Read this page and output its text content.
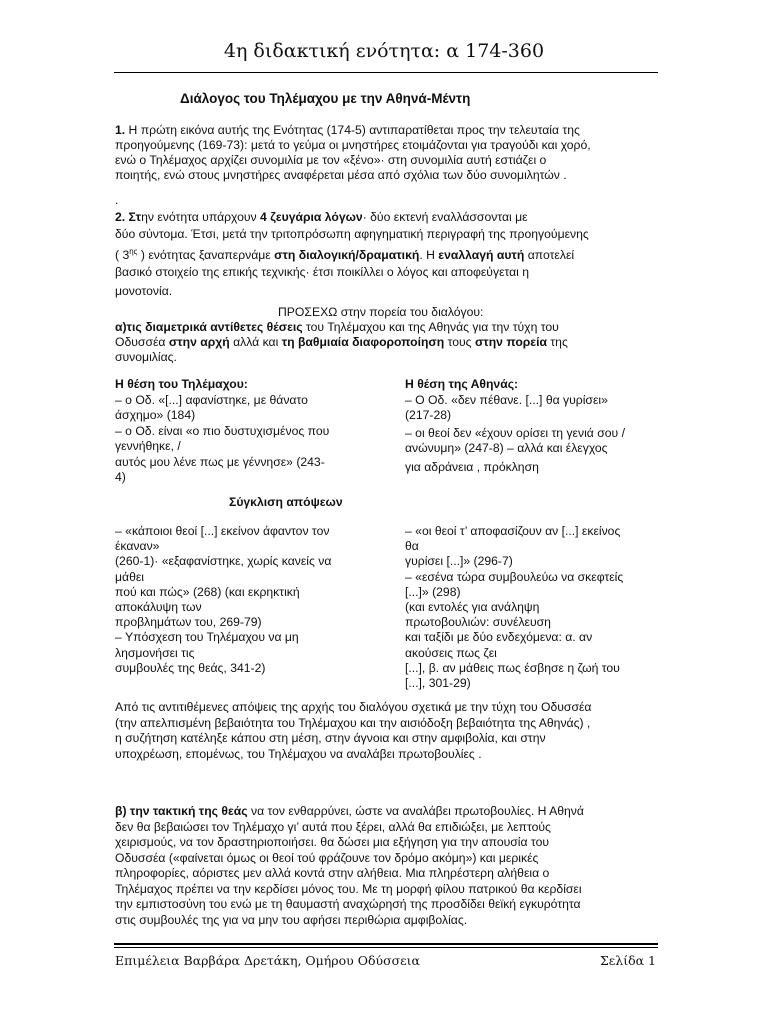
4η διδακτική ενότητα: α 174-360
Διάλογος του Τηλέμαχου με την Αθηνά-Μέντη
1. Η πρώτη εικόνα αυτής της Ενότητας (174-5) αντιπαρατίθεται προς την τελευταία της
προηγούμενης (169-73): μετά το γεύμα οι μνηστήρες ετοιμάζονται για τραγούδι και χορό,
ενώ ο Τηλέμαχος αρχίζει συνομιλία με τον «ξένο»· στη συνομιλία αυτή εστιάζει ο
ποιητής, ενώ στους μνηστήρες αναφέρεται μέσα από σχόλια των δύο συνομιλητών .
.
2. Στην ενότητα υπάρχουν 4 ζευγάρια λόγων· δύο εκτενή εναλλάσσονται με
δύο σύντομα. Έτσι, μετά την τριτοπρόσωπη αφηγηματική περιγραφή της προηγούμενης
( $3^{\eta\varsigma}$ ) ενότητας ξαναπερνάμε στη διαλογική/δραματική. Η εναλλαγή αυτή αποτελεί
βασικό στοιχείο της επικής τεχνικής· έτσι ποικίλλει ο λόγος και αποφεύγεται η
μονοτονία.
ΠΡΟΣΕΧΩ στην πορεία του διαλόγου:
α)τις διαμετρικά αντίθετες θέσεις του Τηλέμαχου και της Αθηνάς για την τύχη του
Οδυσσέα στην αρχή αλλά και τη βαθμιαία διαφοροποίηση τους στην πορεία της
συνομιλίας.
Η θέση του Τηλέμαχου:
– ο Οδ. «[...] αφανίστηκε, με θάνατο
άσχημο» (184)
– ο Οδ. είναι «ο πιο δυστυχισμένος που
γεννήθηκε, /
αυτός μου λένε πως με γέννησε» (243-
4)
Η θέση της Αθηνάς:
– Ο Οδ. «δεν πέθανε. [...] θα γυρίσει»
(217-28)
– οι θεοί δεν «έχουν ορίσει τη γενιά σου /
ανώνυμη» (247-8) – αλλά και έλεγχος
για αδράνεια , πρόκληση
Σύγκλιση απόψεων
– «κάποιοι θεοί [...] εκείνον άφαντον τον
έκαναν»
(260-1)· «εξαφανίστηκε, χωρίς κανείς να
μάθει
πού και πώς» (268) (και εκρηκτική
αποκάλυψη των
προβλημάτων του, 269-79)
– Υπόσχεση του Τηλέμαχου να μη
λησμονήσει τις
συμβουλές της θεάς, 341-2)
– «οι θεοί τ’ αποφασίζουν αν [...] εκείνος
θα
γυρίσει [...]» (296-7)
– «εσένα τώρα συμβουλεύω να σκεφτείς
[...]» (298)
(και εντολές για ανάληψη
πρωτοβουλιών: συνέλευση
και ταξίδι με δύο ενδεχόμενα: α. αν
ακούσεις πως ζει
[...], β. αν μάθεις πως έσβησε η ζωή του
[...], 301-29)
Από τις αντιτιθέμενες απόψεις της αρχής του διαλόγου σχετικά με την τύχη του Οδυσσέα
(την απελπισμένη βεβαιότητα του Τηλέμαχου και την αισιόδοξη βεβαιότητα της Αθηνάς) ,
η συζήτηση κατέληξε κάπου στη μέση, στην άγνοια και στην αμφιβολία, και στην
υποχρέωση, επομένως, του Τηλέμαχου να αναλάβει πρωτοβουλίες .
β) την τακτική της θεάς να τον ενθαρρύνει, ώστε να αναλάβει πρωτοβουλίες. Η Αθηνά
δεν θα βεβαιώσει τον Τηλέμαχο γι’ αυτά που ξέρει, αλλά θα επιδιώξει, με λεπτούς
χειρισμούς, να τον δραστηριοποιήσει. θα δώσει μια εξήγηση για την απουσία του
Οδυσσέα («φαίνεται όμως οι θεοί τού φράζουνε τον δρόμο ακόμη») και μερικές
πληροφορίες, αόριστες μεν αλλά κοντά στην αλήθεια. Μια πληρέστερη αλήθεια ο
Τηλέμαχος πρέπει να την κερδίσει μόνος του. Με τη μορφή φίλου πατρικού θα κερδίσει
την εμπιστοσύνη του ενώ με τη θαυμαστή αναχώρησή της προσδίδει θεϊκή εγκυρότητα
στις συμβουλές της για να μην του αφήσει περιθώρια αμφιβολίας.
Επιμέλεια Βαρβάρα Δρετάκη, Ομήρου Οδύσσεια	Σελίδα 1
